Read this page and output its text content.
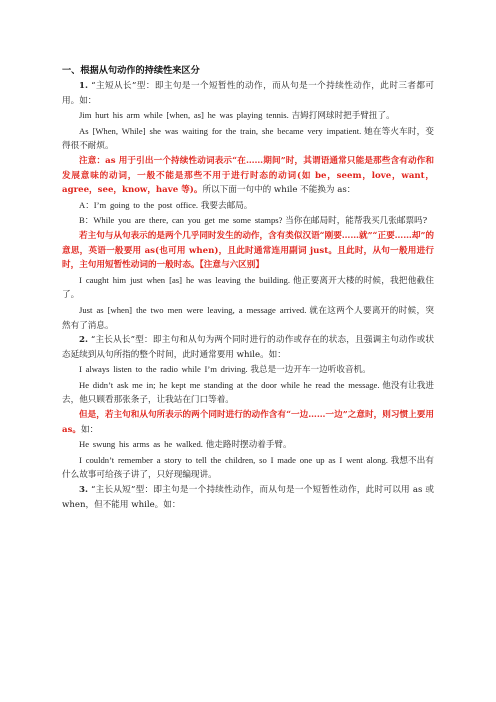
一、根据从句动作的持续性来区分

1. “主短从长”型：即主句是一个短暂性的动作，而从句是一个持续性动作，此时三者都可用。如：

Jim hurt his arm while [when, as] he was playing tennis. 吉姆打网球时把手臂扭了。

As [When, While] she was waiting for the train, she became very impatient. 她在等火车时，变得很不耐烦。

注意：as 用于引出一个持续性动词表示“在……期间”时，其谓语通常只能是那些含有动作和发展意味的动词，一般不能是那些不用于进行时态的动词(如 be，seem，love，want，agree，see，know，have 等)。所以下面一句中的 while 不能换为 as：

A：I’m going to the post office. 我要去邮局。

B：While you are there, can you get me some stamps? 当你在邮局时，能帮我买几张邮票吗?

若主句与从句表示的是两个几乎同时发生的动作，含有类似汉语“刚要……就”“正要……却”的意思，英语一般要用 as(也可用 when)，且此时通常连用副词 just。且此时，从句一般用进行时，主句用短暂性动词的一般时态。【注意与六区别】

I caught him just when [as] he was leaving the building. 他正要离开大楼的时候，我把他截住了。

Just as [when] the two men were leaving, a message arrived. 就在这两个人要离开的时候，突然有了消息。

2. “主长从长”型：即主句和从句为两个同时进行的动作或存在的状态，且强调主句动作或状态延续到从句所指的整个时间，此时通常要用 while。如：

I always listen to the radio while I’m driving. 我总是一边开车一边听收音机。

He didn’t ask me in; he kept me standing at the door while he read the message. 他没有让我进去，他只顾看那张条子，让我站在门口等着。

但是，若主句和从句所表示的两个同时进行的动作含有“一边……一边”之意时，则习惯上要用 as。如：

He swung his arms as he walked. 他走路时摆动着手臂。

I couldn’t remember a story to tell the children, so I made one up as I went along. 我想不出有什么故事可给孩子讲了，只好现编现讲。

3. “主长从短”型：即主句是一个持续性动作，而从句是一个短暂性动作，此时可以用 as 或 when，但不能用 while。如：
